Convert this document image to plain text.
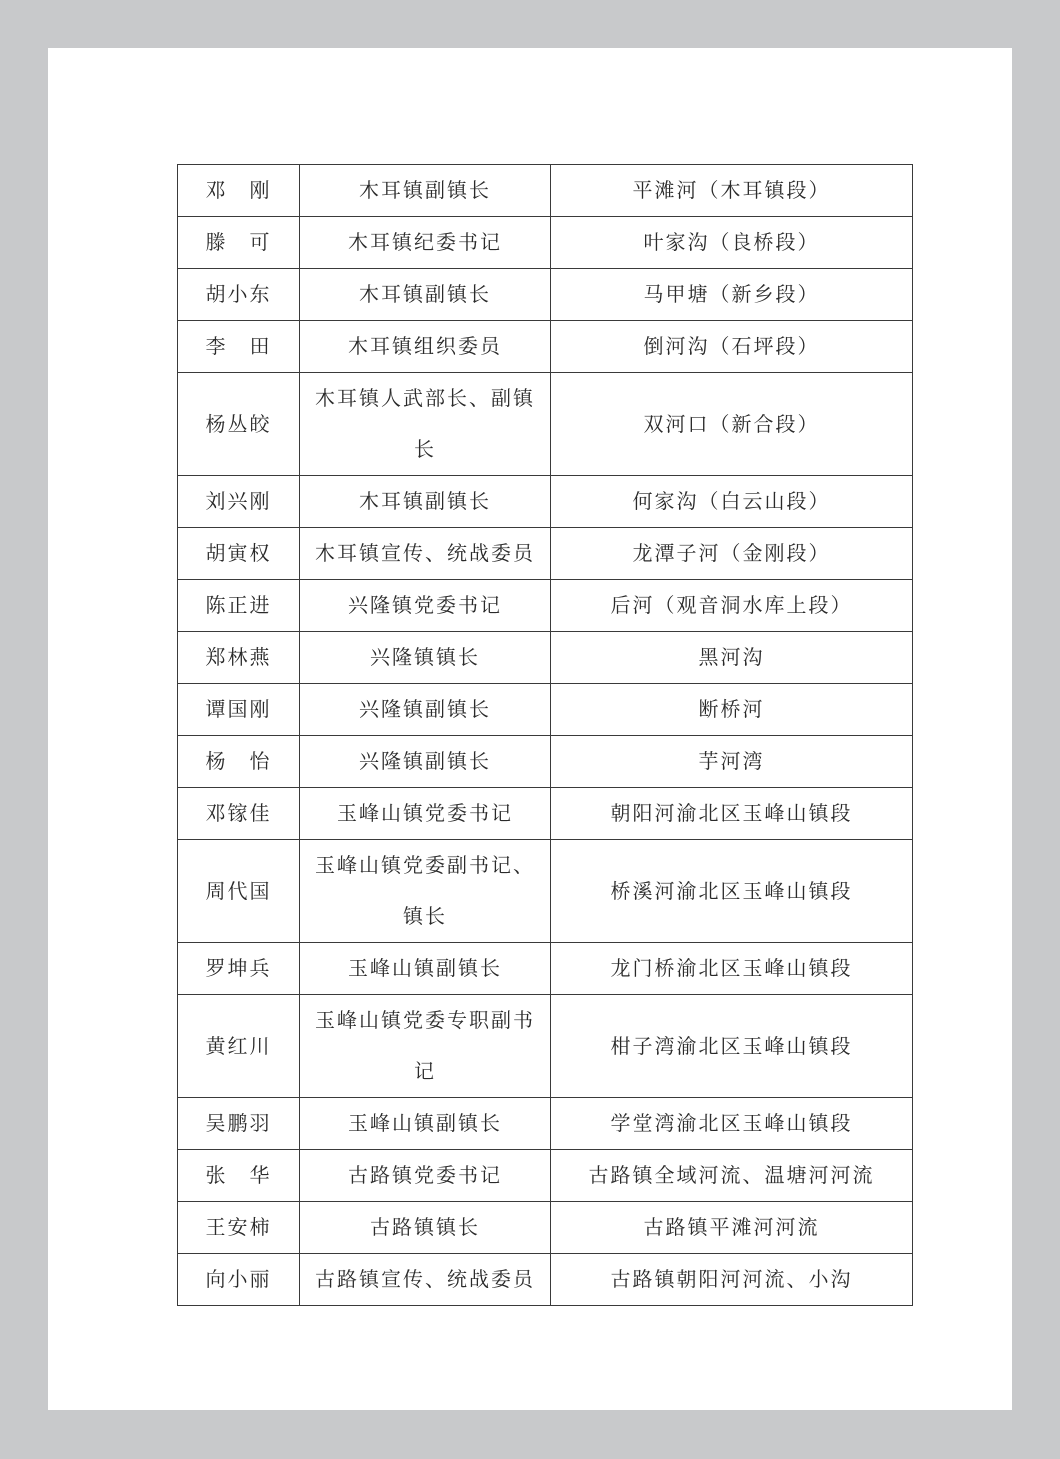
邓　刚	木耳镇副镇长	平滩河（木耳镇段）
滕　可	木耳镇纪委书记	叶家沟（良桥段）
胡小东	木耳镇副镇长	马甲塘（新乡段）
李　田	木耳镇组织委员	倒河沟（石坪段）
杨丛皎	木耳镇人武部长、副镇长	双河口（新合段）
刘兴刚	木耳镇副镇长	何家沟（白云山段）
胡寅权	木耳镇宣传、统战委员	龙潭子河（金刚段）
陈正进	兴隆镇党委书记	后河（观音洞水库上段）
郑林燕	兴隆镇镇长	黑河沟
谭国刚	兴隆镇副镇长	断桥河
杨　怡	兴隆镇副镇长	芋河湾
邓镓佳	玉峰山镇党委书记	朝阳河渝北区玉峰山镇段
周代国	玉峰山镇党委副书记、镇长	桥溪河渝北区玉峰山镇段
罗坤兵	玉峰山镇副镇长	龙门桥渝北区玉峰山镇段
黄红川	玉峰山镇党委专职副书记	柑子湾渝北区玉峰山镇段
吴鹏羽	玉峰山镇副镇长	学堂湾渝北区玉峰山镇段
张　华	古路镇党委书记	古路镇全域河流、温塘河河流
王安柿	古路镇镇长	古路镇平滩河河流
向小丽	古路镇宣传、统战委员	古路镇朝阳河河流、小沟
